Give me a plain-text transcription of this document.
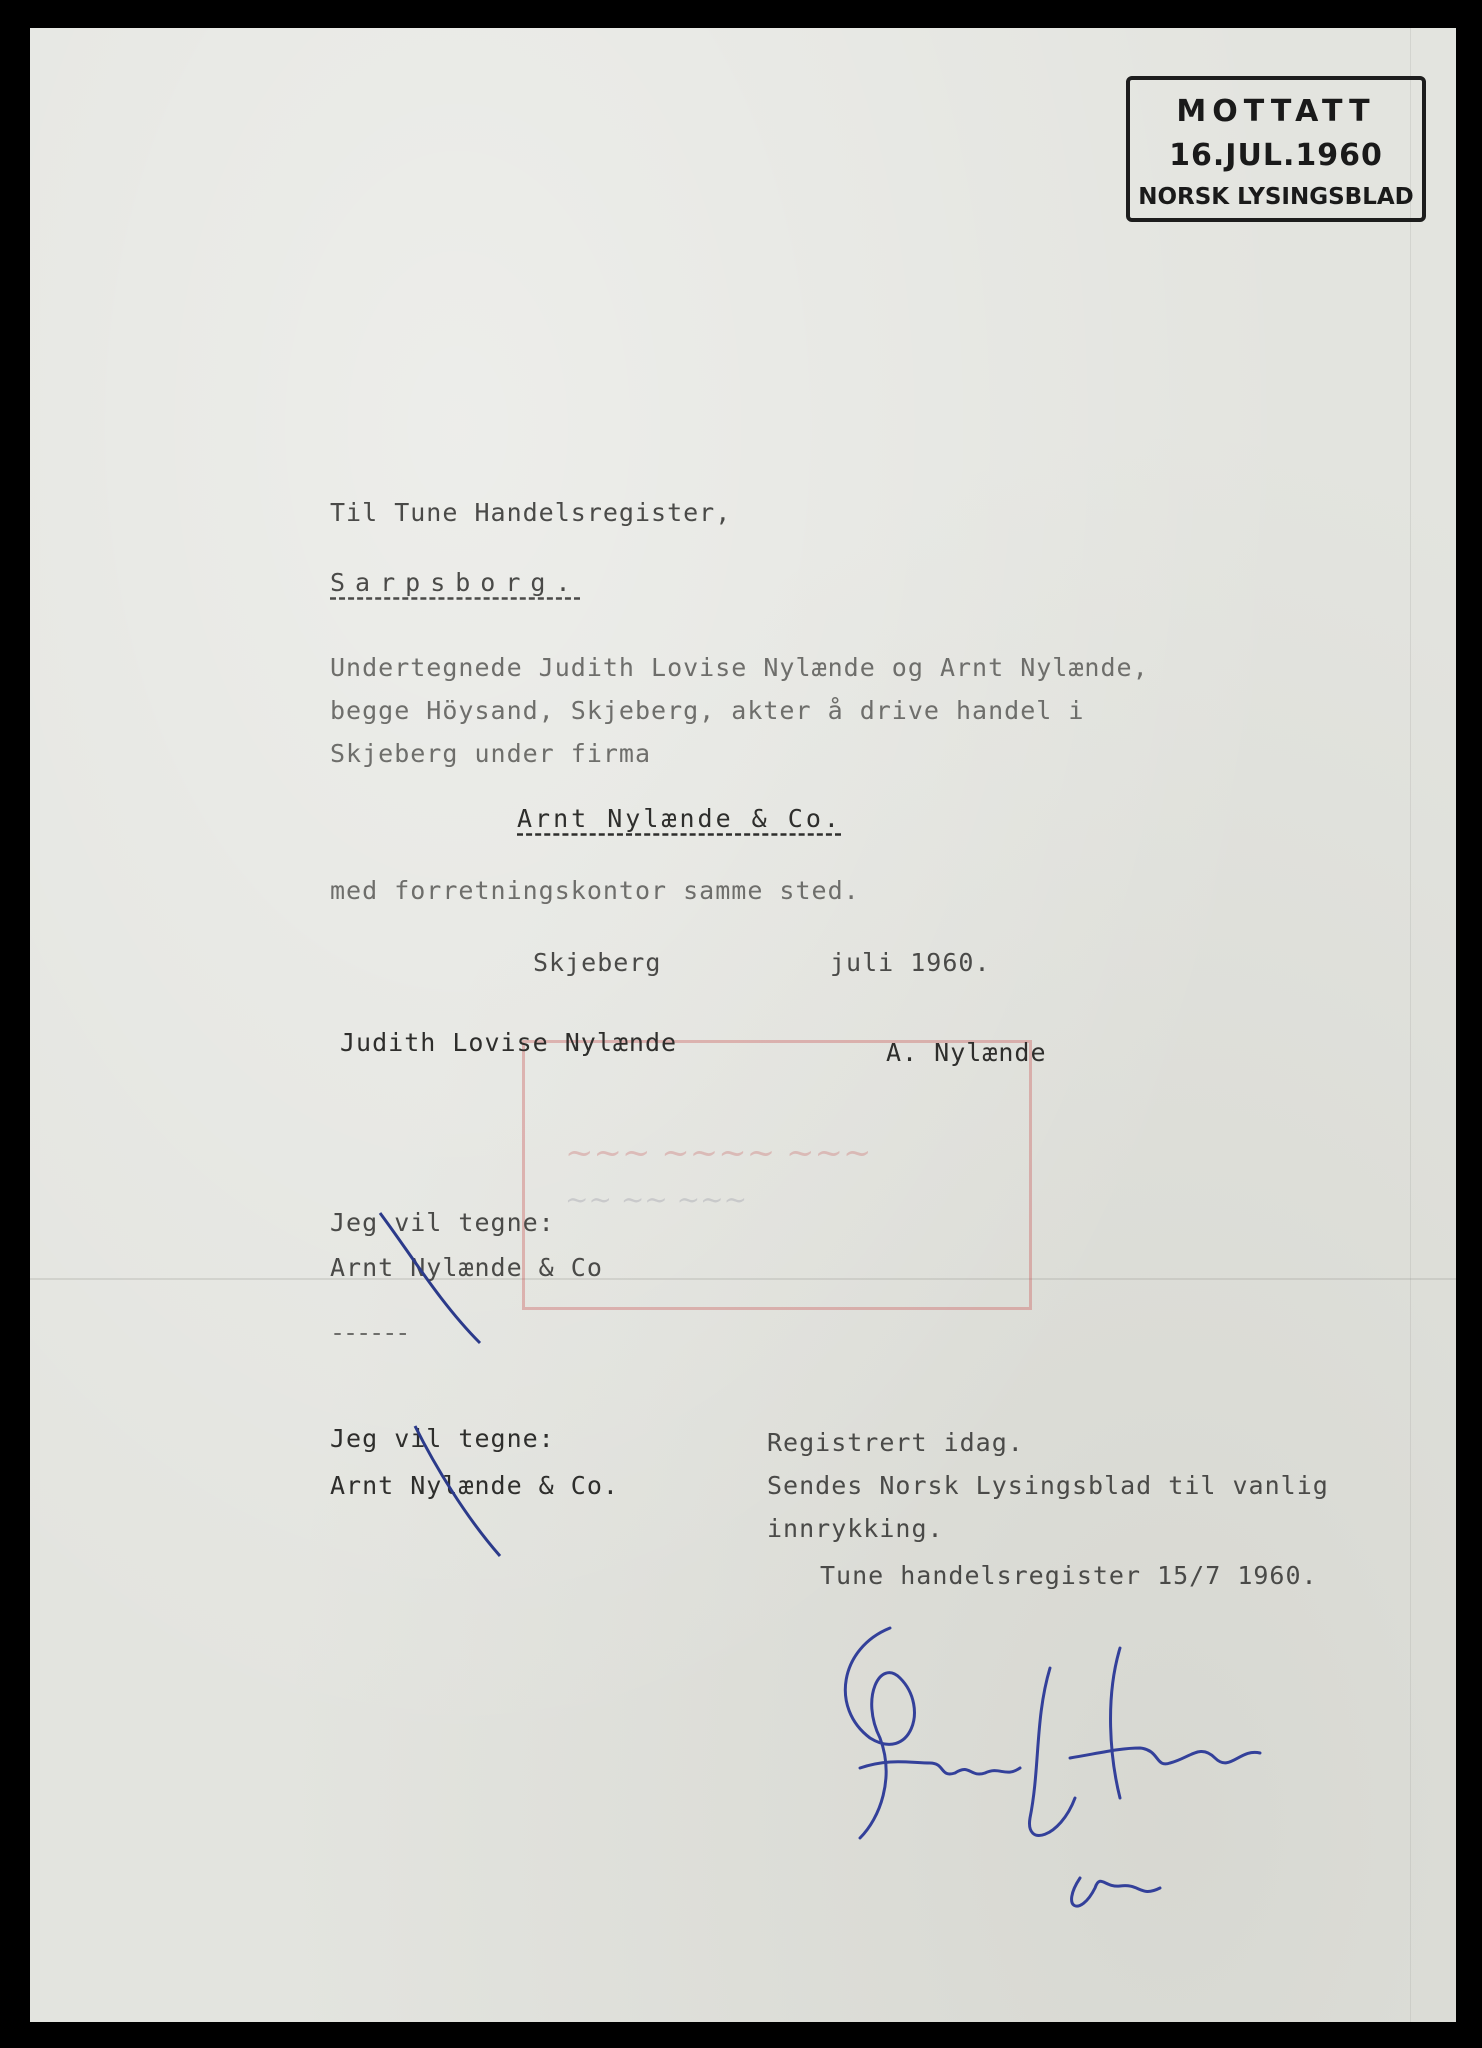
MOTTATT
16.JUL.1960
NORSK LYSINGSBLAD
~~~ ~~~~ ~~~
~~ ~~ ~~~
Til Tune Handelsregister,
Sarpsborg.
Undertegnede Judith Lovise Nylænde og Arnt Nylænde,
begge Höysand, Skjeberg, akter å drive handel i
Skjeberg under firma
Arnt Nylænde & Co.
med forretningskontor samme sted.
Skjeberg	juli 1960.
Judith Lovise Nylænde	A. Nylænde
Jeg vil tegne:
Arnt Nylænde & Co
------
Jeg vil tegne:
Arnt Nylænde & Co.
Registrert idag.
Sendes Norsk Lysingsblad til vanlig
innrykking.
Tune handelsregister 15/7 1960.
